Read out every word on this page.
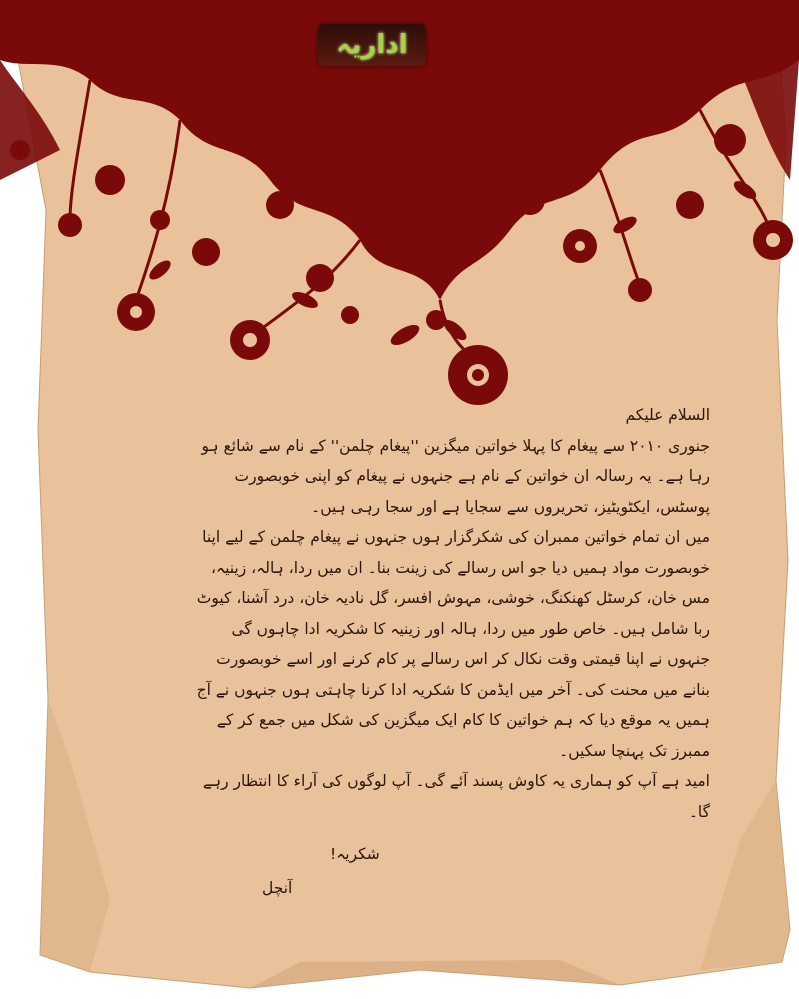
اداریہ

السلام علیکم

جنوری ۲۰۱۰ سے پیغام کا پہلا خواتین میگزین ''پیغام چلمن'' کے نام سے شائع ہو رہا ہے۔ یہ رسالہ ان خواتین کے نام ہے جنہوں نے پیغام کو اپنی خوبصورت پوسٹس، ایکٹویٹیز، تحریروں سے سجایا ہے اور سجا رہی ہیں۔

میں ان تمام خواتین ممبران کی شکرگزار ہوں جنہوں نے پیغام چلمن کے لیے اپنا خوبصورت مواد ہمیں دیا جو اس رسالے کی زینت بنا۔ ان میں ردا، ہالہ، زینیہ، مس خان، کرسٹل کھنکنگ، خوشی، مہوش افسر، گل نادیہ خان، درد آشنا، کیوٹ ربا شامل ہیں۔ خاص طور میں ردا، ہالہ اور زینیہ کا شکریہ ادا چاہوں گی جنہوں نے اپنا قیمتی وقت نکال کر اس رسالے پر کام کرنے اور اسے خوبصورت بنانے میں محنت کی۔ آخر میں ایڈمن کا شکریہ ادا کرنا چاہتی ہوں جنہوں نے آج ہمیں یہ موقع دیا کہ ہم خواتین کا کام ایک میگزین کی شکل میں جمع کر کے ممبرز تک پہنچا سکیں۔

امید ہے آپ کو ہماری یہ کاوش پسند آئے گی۔ آپ لوگوں کی آراء کا انتظار رہے گا۔

شکریہ!
آنچل
